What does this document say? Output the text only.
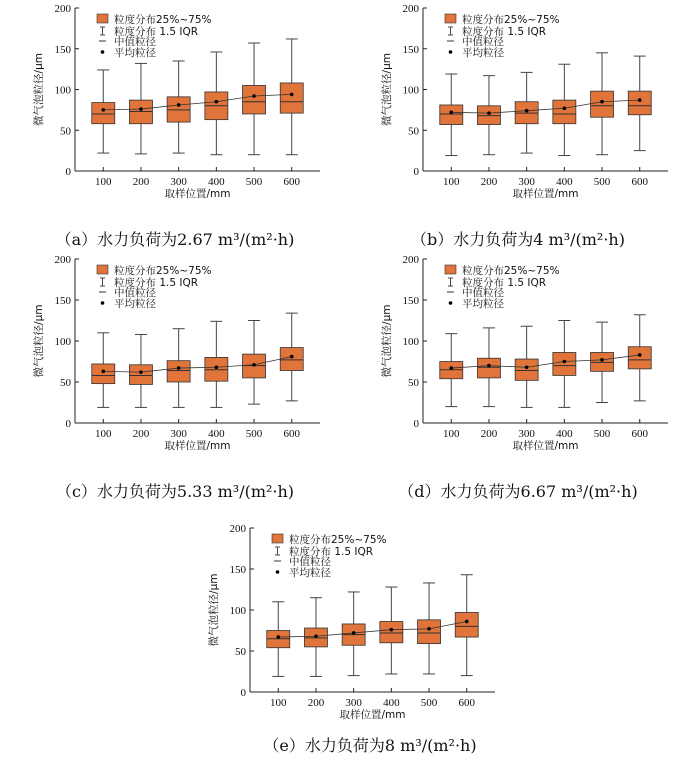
0
50
100
150
200
微气泡粒径/μm
取样位置/mm
100 200 300 400 500 600
粒度分布25%~75%
粒度分布 1.5 IQR
中值粒径
平均粒径
（a）水力负荷为2.67 m³/(m²·h)
0
50
100
150
200
微气泡粒径/μm
取样位置/mm
100 200 300 400 500 600
粒度分布25%~75%
粒度分布 1.5 IQR
中值粒径
平均粒径
（b）水力负荷为4 m³/(m²·h)
0
50
100
150
200
微气泡粒径/μm
取样位置/mm
100 200 300 400 500 600
粒度分布25%~75%
粒度分布 1.5 IQR
中值粒径
平均粒径
（c）水力负荷为5.33 m³/(m²·h)
0
50
100
150
200
微气泡粒径/μm
取样位置/mm
100 200 300 400 500 600
粒度分布25%~75%
粒度分布 1.5 IQR
中值粒径
平均粒径
（d）水力负荷为6.67 m³/(m²·h)
0
50
100
150
200
微气泡粒径/μm
取样位置/mm
100 200 300 400 500 600
粒度分布25%~75%
粒度分布 1.5 IQR
中值粒径
平均粒径
（e）水力负荷为8 m³/(m²·h)
